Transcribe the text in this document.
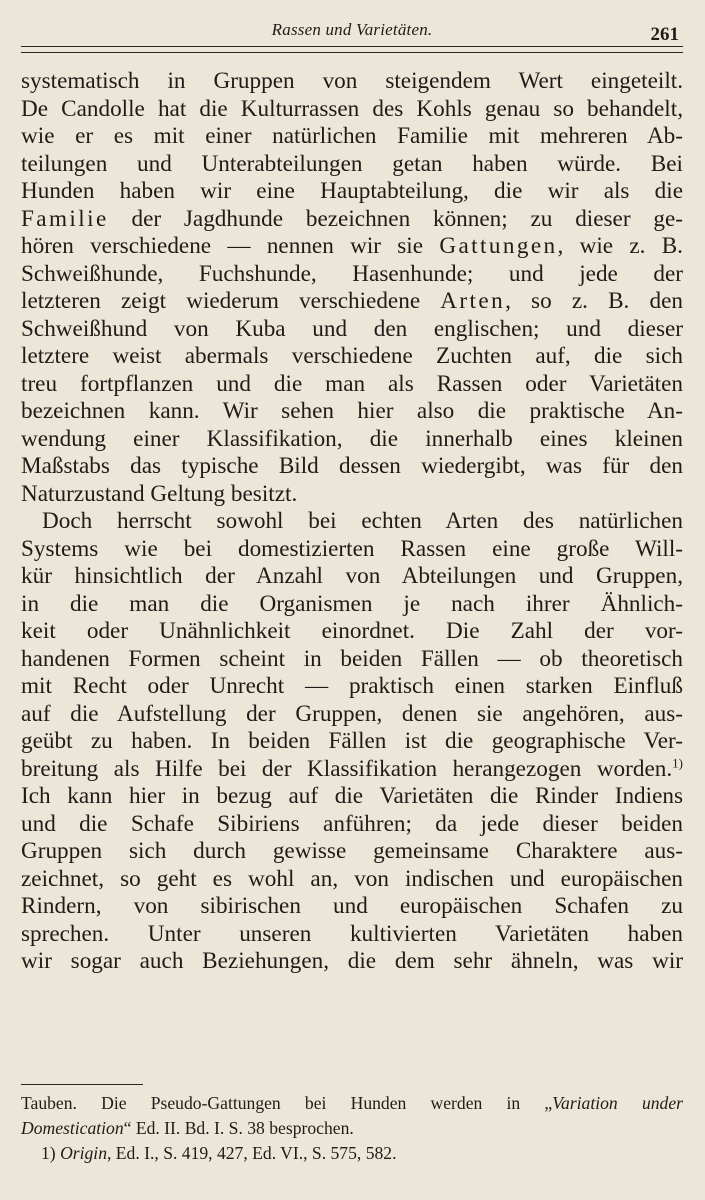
Rassen und Varietäten.	261
systematisch in Gruppen von steigendem Wert eingeteilt.
De Candolle hat die Kulturrassen des Kohls genau so behandelt,
wie er es mit einer natürlichen Familie mit mehreren Ab-
teilungen und Unterabteilungen getan haben würde. Bei
Hunden haben wir eine Hauptabteilung, die wir als die
Familie der Jagdhunde bezeichnen können; zu dieser ge-
hören verschiedene — nennen wir sie Gattungen, wie z. B.
Schweißhunde, Fuchshunde, Hasenhunde; und jede der
letzteren zeigt wiederum verschiedene Arten, so z. B. den
Schweißhund von Kuba und den englischen; und dieser
letztere weist abermals verschiedene Zuchten auf, die sich
treu fortpflanzen und die man als Rassen oder Varietäten
bezeichnen kann. Wir sehen hier also die praktische An-
wendung einer Klassifikation, die innerhalb eines kleinen
Maßstabs das typische Bild dessen wiedergibt, was für den
Naturzustand Geltung besitzt.
Doch herrscht sowohl bei echten Arten des natürlichen
Systems wie bei domestizierten Rassen eine große Will-
kür hinsichtlich der Anzahl von Abteilungen und Gruppen,
in die man die Organismen je nach ihrer Ähnlich-
keit oder Unähnlichkeit einordnet. Die Zahl der vor-
handenen Formen scheint in beiden Fällen — ob theoretisch
mit Recht oder Unrecht — praktisch einen starken Einfluß
auf die Aufstellung der Gruppen, denen sie angehören, aus-
geübt zu haben. In beiden Fällen ist die geographische Ver-
breitung als Hilfe bei der Klassifikation herangezogen worden.$^{1)}$
Ich kann hier in bezug auf die Varietäten die Rinder Indiens
und die Schafe Sibiriens anführen; da jede dieser beiden
Gruppen sich durch gewisse gemeinsame Charaktere aus-
zeichnet, so geht es wohl an, von indischen und europäischen
Rindern, von sibirischen und europäischen Schafen zu
sprechen. Unter unseren kultivierten Varietäten haben
wir sogar auch Beziehungen, die dem sehr ähneln, was wir
Tauben. Die Pseudo-Gattungen bei Hunden werden in „Variation under
Domestication“ Ed. II. Bd. I. S. 38 besprochen.
1) Origin, Ed. I., S. 419, 427, Ed. VI., S. 575, 582.
